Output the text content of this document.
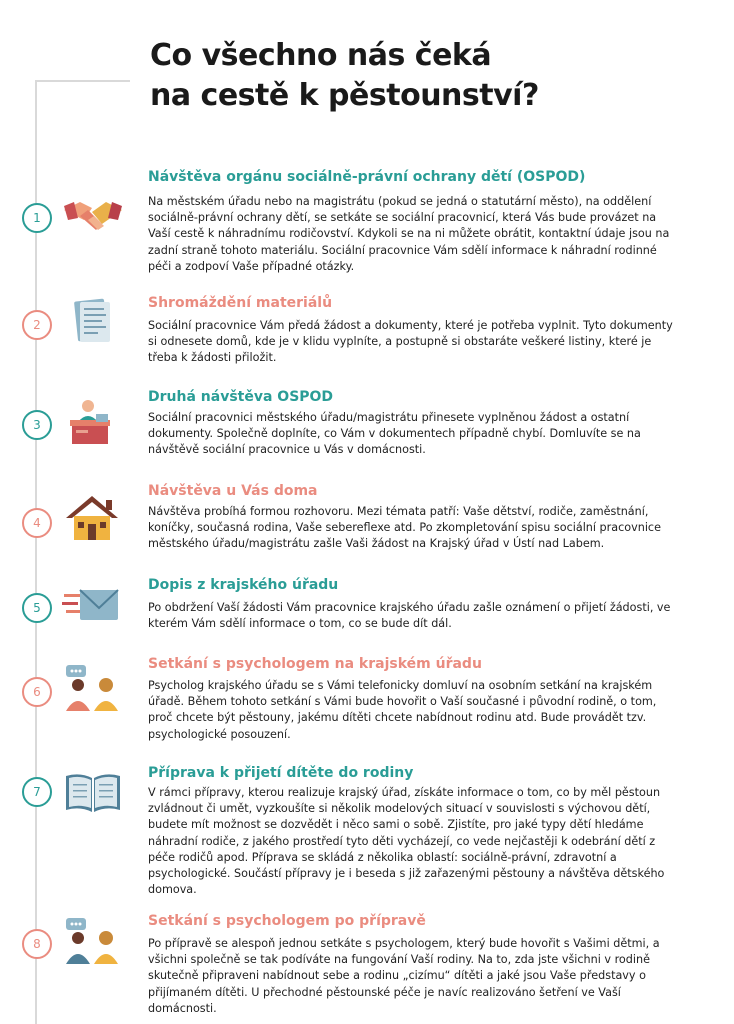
Co všechno nás čeká
na cestě k pěstounství?
1
Návštěva orgánu sociálně-právní ochrany dětí (OSPOD)

Na městském úřadu nebo na magistrátu (pokud se jedná o statutární město), na oddělení sociálně-právní ochrany dětí, se setkáte se sociální pracovnicí, která Vás bude provázet na Vaší cestě k náhradnímu rodičovství. Kdykoli se na ni můžete obrátit, kontaktní údaje jsou na zadní straně tohoto materiálu. Sociální pracovnice Vám sdělí informace k náhradní rodinné péči a zodpoví Vaše případné otázky.

2
Shromáždění materiálů

Sociální pracovnice Vám předá žádost a dokumenty, které je potřeba vyplnit. Tyto dokumenty si odnesete domů, kde je v klidu vyplníte, a postupně si obstaráte veškeré listiny, které je třeba k žádosti přiložit.

3
Druhá návštěva OSPOD

Sociální pracovnici městského úřadu/magistrátu přinesete vyplněnou žádost a ostatní dokumenty. Společně doplníte, co Vám v dokumentech případně chybí. Domluvíte se na návštěvě sociální pracovnice u Vás v domácnosti.

4
Návštěva u Vás doma

Návštěva probíhá formou rozhovoru. Mezi témata patří: Vaše dětství, rodiče, zaměstnání, koníčky, současná rodina, Vaše sebereflexe atd. Po zkompletování spisu sociální pracovnice městského úřadu/magistrátu zašle Vaši žádost na Krajský úřad v Ústí nad Labem.

5
Dopis z krajského úřadu

Po obdržení Vaší žádosti Vám pracovnice krajského úřadu zašle oznámení o přijetí žádosti, ve kterém Vám sdělí informace o tom, co se bude dít dál.

6
Setkání s psychologem na krajském úřadu

Psycholog krajského úřadu se s Vámi telefonicky domluví na osobním setkání na krajském úřadě. Během tohoto setkání s Vámi bude hovořit o Vaší současné i původní rodině, o tom, proč chcete být pěstouny, jakému dítěti chcete nabídnout rodinu atd. Bude provádět tzv. psychologické posouzení.

7
Příprava k přijetí dítěte do rodiny

V rámci přípravy, kterou realizuje krajský úřad, získáte informace o tom, co by měl pěstoun zvládnout či umět, vyzkoušíte si několik modelových situací v souvislosti s výchovou dětí, budete mít možnost se dozvědět i něco sami o sobě. Zjistíte, pro jaké typy dětí hledáme náhradní rodiče, z jakého prostředí tyto děti vycházejí, co vede nejčastěji k odebrání dětí z péče rodičů apod. Příprava se skládá z několika oblastí: sociálně-právní, zdravotní a psychologické. Součástí přípravy je i beseda s již zařazenými pěstouny a návštěva dětského domova.

8
Setkání s psychologem po přípravě

Po přípravě se alespoň jednou setkáte s psychologem, který bude hovořit s Vašimi dětmi, a všichni společně se tak podíváte na fungování Vaší rodiny. Na to, zda jste všichni v rodině skutečně připraveni nabídnout sebe a rodinu „cizímu“ dítěti a jaké jsou Vaše představy o přijímaném dítěti. U přechodné pěstounské péče je navíc realizováno šetření ve Vaší domácnosti.
